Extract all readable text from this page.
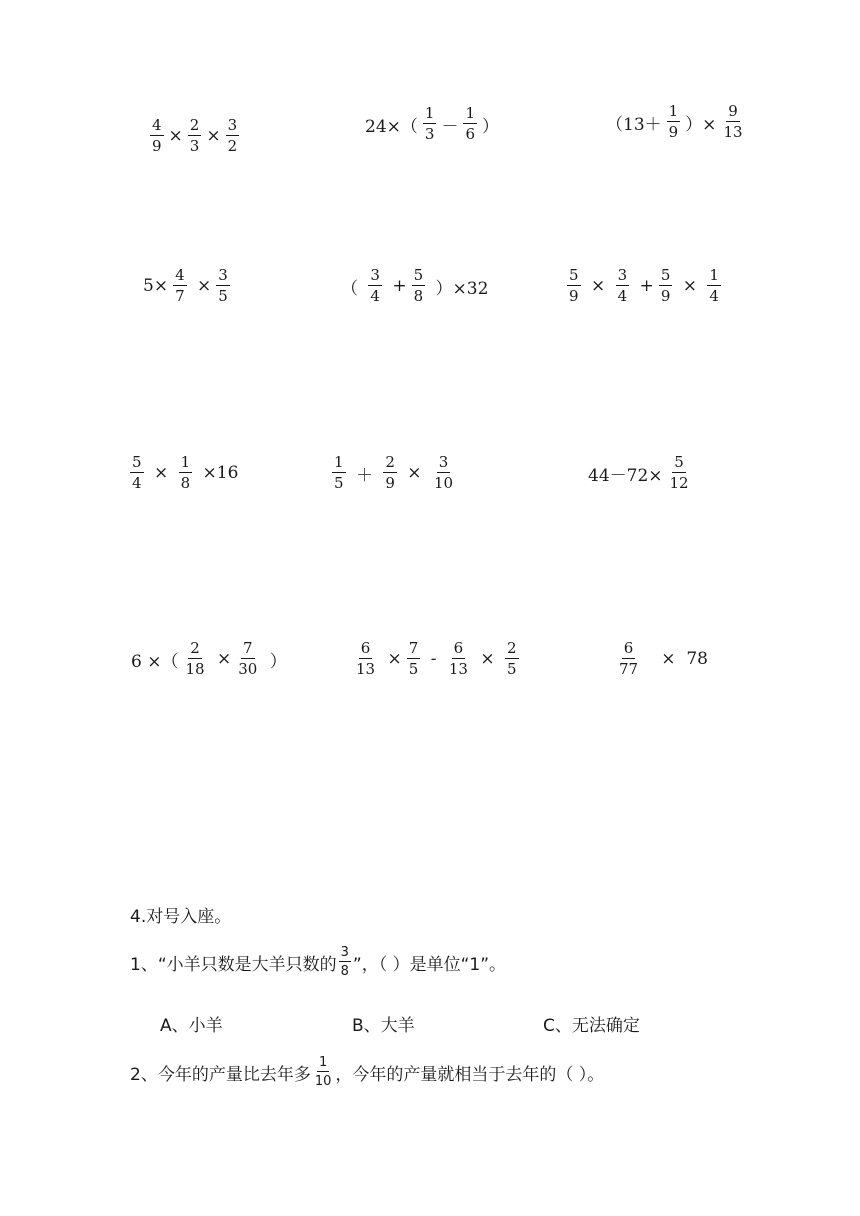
$\frac{4}{9} \times \frac{2}{3} \times \frac{3}{2}$	$24\times( \frac{1}{3} - \frac{1}{6}$ ）	（$13+ \frac{1}{9}$ ）× $\frac{9}{13}$
$5\times \frac{4}{7} \times \frac{3}{5}$	（ $\frac{3}{4} + \frac{5}{8} )\times 32$	$\frac{5}{9} \times \frac{3}{4} + \frac{5}{9} \times \frac{1}{4}$
$\frac{5}{4} \times \frac{1}{8} \times 16$	$\frac{1}{5} + \frac{2}{9} \times \frac{3}{10}$	$44-72\times \frac{5}{12}$
6 ×（ $\frac{2}{18} \times \frac{7}{30}$ ）	$\frac{6}{13} \times \frac{7}{5} - \frac{6}{13} \times \frac{2}{5}$	$\frac{6}{77} \times 78$
4.对号入座。
1、“小羊只数是大羊只数的 $\frac{3}{8}$ ”，（ ）是单位“1”。
A、小羊	B、大羊	C、无法确定
2、今年的产量比去年多 $\frac{1}{10}$ ，今年的产量就相当于去年的（ ）。
